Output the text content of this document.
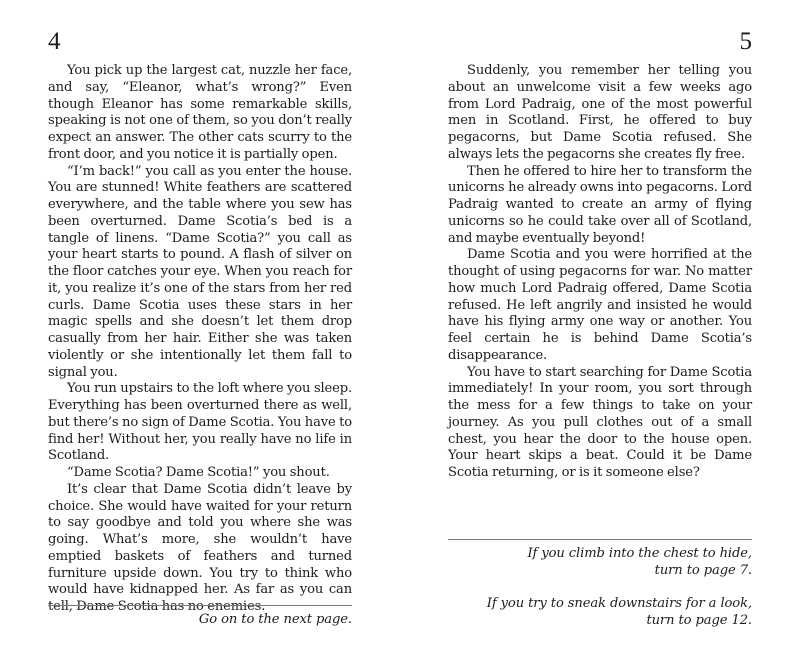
4

You pick up the largest cat, nuzzle her face, and say, “Eleanor, what’s wrong?” Even though Eleanor has some remarkable skills, speaking is not one of them, so you don’t really expect an answer. The other cats scurry to the front door, and you notice it is partially open.

“I’m back!” you call as you enter the house. You are stunned! White feathers are scattered everywhere, and the table where you sew has been overturned. Dame Scotia’s bed is a tangle of linens. “Dame Scotia?” you call as your heart starts to pound. A flash of silver on the floor catches your eye. When you reach for it, you realize it’s one of the stars from her red curls. Dame Scotia uses these stars in her magic spells and she doesn’t let them drop casually from her hair. Either she was taken violently or she intentionally let them fall to signal you.

You run upstairs to the loft where you sleep. Everything has been overturned there as well, but there’s no sign of Dame Scotia. You have to find her! Without her, you really have no life in Scotland.

“Dame Scotia? Dame Scotia!” you shout.

It’s clear that Dame Scotia didn’t leave by choice. She would have waited for your return to say goodbye and told you where she was going. What’s more, she wouldn’t have emptied baskets of feathers and turned furniture upside down. You try to think who would have kidnapped her. As far as you can tell, Dame Scotia has no enemies.

Go on to the next page.
5

Suddenly, you remember her telling you about an unwelcome visit a few weeks ago from Lord Padraig, one of the most powerful men in Scotland. First, he offered to buy pegacorns, but Dame Scotia refused. She always lets the pegacorns she creates fly free.

Then he offered to hire her to transform the unicorns he already owns into pegacorns. Lord Padraig wanted to create an army of flying unicorns so he could take over all of Scotland, and maybe eventually beyond!

Dame Scotia and you were horrified at the thought of using pegacorns for war. No matter how much Lord Padraig offered, Dame Scotia refused. He left angrily and insisted he would have his flying army one way or another. You feel certain he is behind Dame Scotia’s disappearance.

You have to start searching for Dame Scotia immediately! In your room, you sort through the mess for a few things to take on your journey. As you pull clothes out of a small chest, you hear the door to the house open. Your heart skips a beat. Could it be Dame Scotia returning, or is it someone else?

If you climb into the chest to hide,
turn to page 7.
If you try to sneak downstairs for a look,
turn to page 12.
